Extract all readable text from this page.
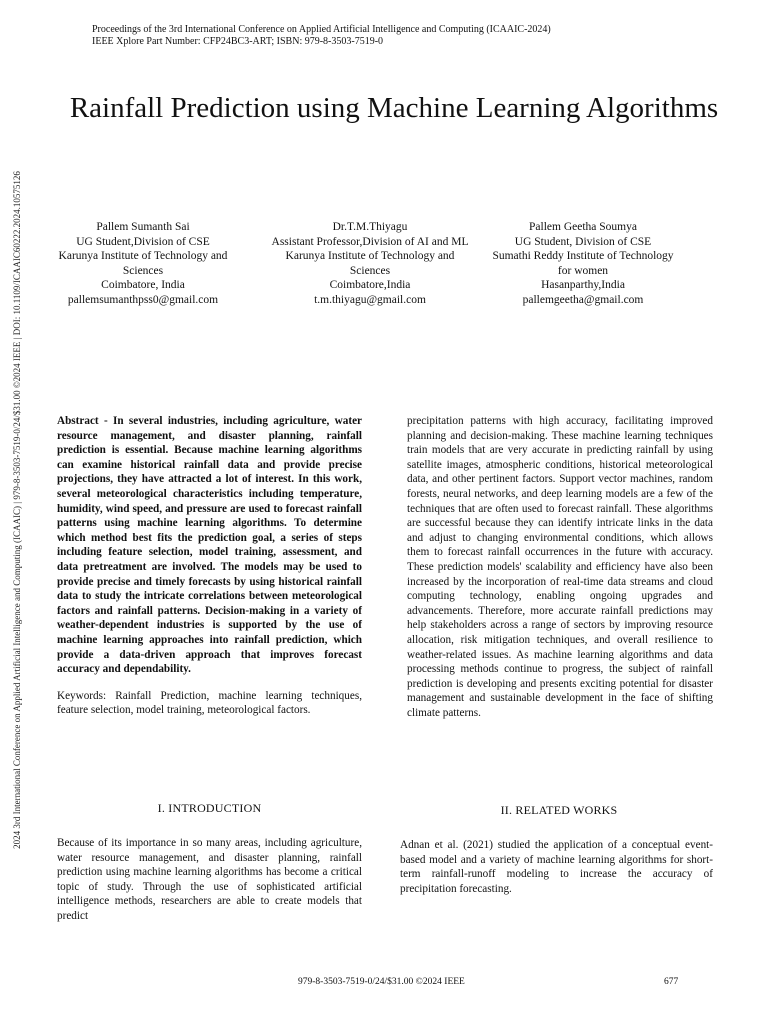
2024 3rd International Conference on Applied Artificial Intelligence and Computing (ICAAIC) | 979-8-3503-7519-0/24/$31.00 ©2024 IEEE | DOI: 10.1109/ICAAIC60222.2024.10575126
Proceedings of the 3rd International Conference on Applied Artificial Intelligence and Computing (ICAAIC-2024)
IEEE Xplore Part Number: CFP24BC3-ART; ISBN: 979-8-3503-7519-0
Rainfall Prediction using Machine Learning Algorithms
Pallem Sumanth Sai
UG Student,Division of CSE
Karunya Institute of Technology and Sciences
Coimbatore, India
pallemsumanthpss0@gmail.com
Dr.T.M.Thiyagu
Assistant Professor,Division of AI and ML
Karunya Institute of Technology and Sciences
Coimbatore,India
t.m.thiyagu@gmail.com
Pallem Geetha Soumya
UG Student, Division of CSE
Sumathi Reddy Institute of Technology for women
Hasanparthy,India
pallemgeetha@gmail.com

Abstract - In several industries, including agriculture, water resource management, and disaster planning, rainfall prediction is essential. Because machine learning algorithms can examine historical rainfall data and provide precise projections, they have attracted a lot of interest. In this work, several meteorological characteristics including temperature, humidity, wind speed, and pressure are used to forecast rainfall patterns using machine learning algorithms. To determine which method best fits the prediction goal, a series of steps including feature selection, model training, assessment, and data pretreatment are involved. The models may be used to provide precise and timely forecasts by using historical rainfall data to study the intricate correlations between meteorological factors and rainfall patterns. Decision-making in a variety of weather-dependent industries is supported by the use of machine learning approaches into rainfall prediction, which provide a data-driven approach that improves forecast accuracy and dependability.

Keywords: Rainfall Prediction, machine learning techniques, feature selection, model training, meteorological factors.

precipitation patterns with high accuracy, facilitating improved planning and decision-making. These machine learning techniques train models that are very accurate in predicting rainfall by using satellite images, atmospheric conditions, historical meteorological data, and other pertinent factors. Support vector machines, random forests, neural networks, and deep learning models are a few of the techniques that are often used to forecast rainfall. These algorithms are successful because they can identify intricate links in the data and adjust to changing environmental conditions, which allows them to forecast rainfall occurrences in the future with accuracy. These prediction models' scalability and efficiency have also been increased by the incorporation of real-time data streams and cloud computing technology, enabling ongoing upgrades and advancements. Therefore, more accurate rainfall predictions may help stakeholders across a range of sectors by improving resource allocation, risk mitigation techniques, and overall resilience to weather-related issues. As machine learning algorithms and data processing methods continue to progress, the subject of rainfall prediction is developing and presents exciting potential for disaster management and sustainable development in the face of shifting climate patterns.

I. INTRODUCTION	II. RELATED WORKS

Because of its importance in so many areas, including agriculture, water resource management, and disaster planning, rainfall prediction using machine learning algorithms has become a critical topic of study. Through the use of sophisticated artificial intelligence methods, researchers are able to create models that predict

Adnan et al. (2021) studied the application of a conceptual event-based model and a variety of machine learning algorithms for short-term rainfall-runoff modeling to increase the accuracy of precipitation forecasting.

979-8-3503-7519-0/24/$31.00 ©2024 IEEE	677
